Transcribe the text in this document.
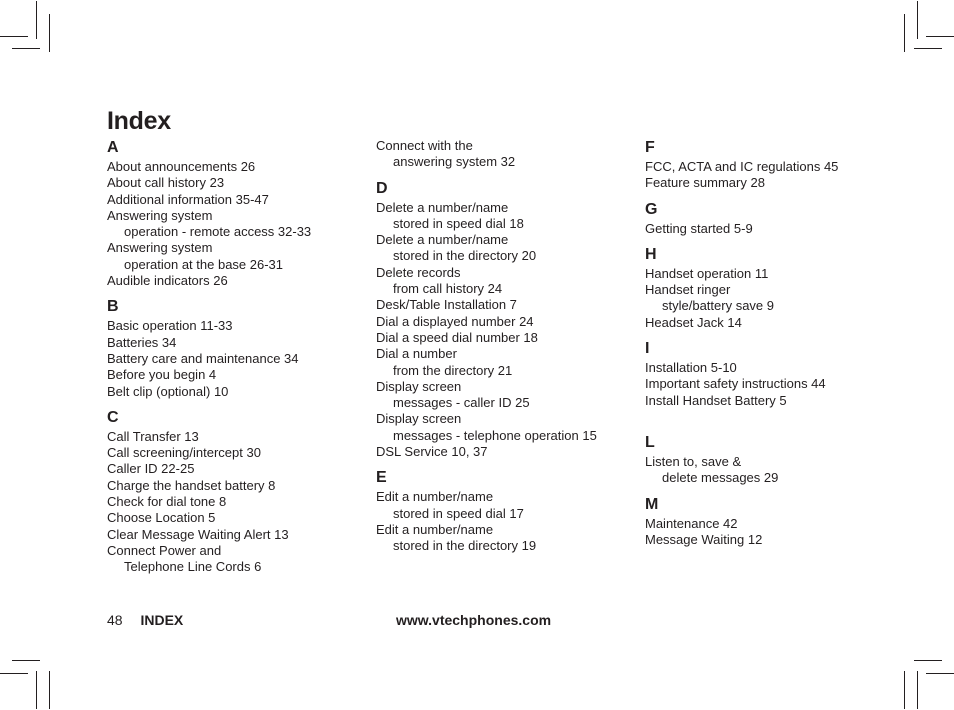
Index
A
About announcements 26
About call history 23
Additional information 35-47
Answering system
operation - remote access 32-33
Answering system
operation at the base 26-31
Audible indicators 26
B
Basic operation 11-33
Batteries 34
Battery care and maintenance 34
Before you begin 4
Belt clip (optional) 10
C
Call Transfer 13
Call screening/intercept 30
Caller ID 22-25
Charge the handset battery 8
Check for dial tone 8
Choose Location 5
Clear Message Waiting Alert 13
Connect Power and
Telephone Line Cords 6
Connect with the
answering system 32
D
Delete a number/name
stored in speed dial 18
Delete a number/name
stored in the directory 20
Delete records
from call history 24
Desk/Table Installation 7
Dial a displayed number 24
Dial a speed dial number 18
Dial a number
from the directory 21
Display screen
messages - caller ID 25
Display screen
messages - telephone operation 15
DSL Service 10, 37
E
Edit a number/name
stored in speed dial 17
Edit a number/name
stored in the directory 19
F
FCC, ACTA and IC regulations 45
Feature summary 28
G
Getting started 5-9
H
Handset operation 11
Handset ringer
style/battery save 9
Headset Jack 14
I
Installation 5-10
Important safety instructions 44
Install Handset Battery 5
L
Listen to, save &
delete messages 29
M
Maintenance 42
Message Waiting 12
48 INDEX	www.vtechphones.com
